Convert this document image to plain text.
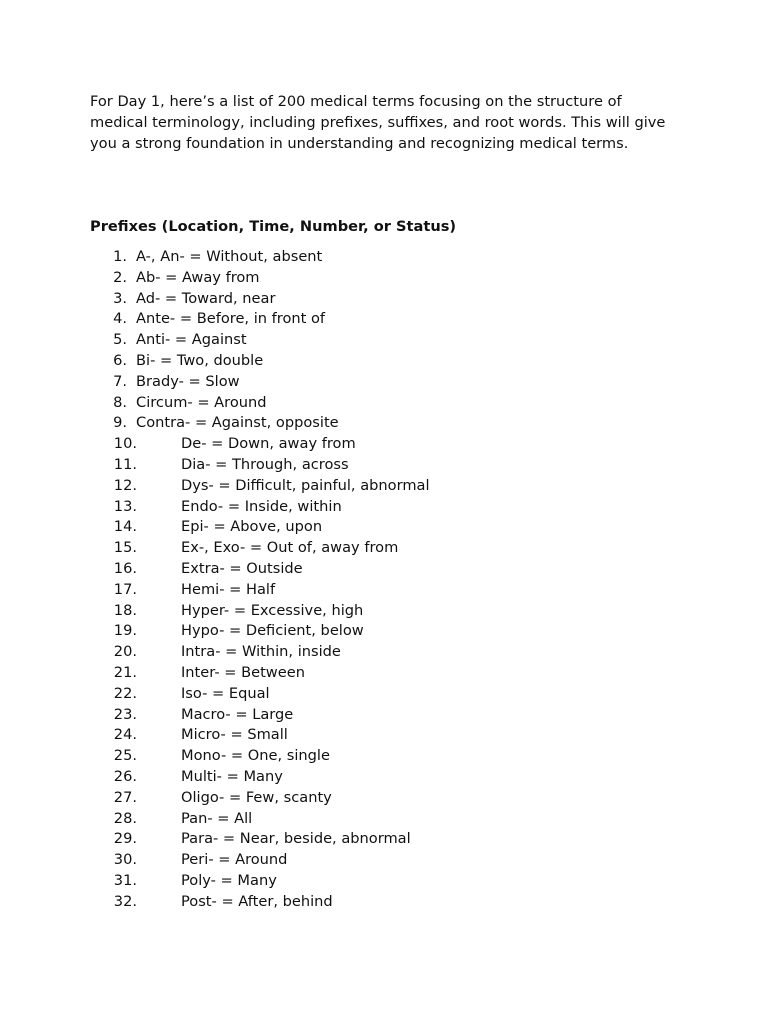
For Day 1, here’s a list of 200 medical terms focusing on the structure of medical terminology, including prefixes, suffixes, and root words. This will give you a strong foundation in understanding and recognizing medical terms.

Prefixes (Location, Time, Number, or Status)
1. A-, An- = Without, absent
2. Ab- = Away from
3. Ad- = Toward, near
4. Ante- = Before, in front of
5. Anti- = Against
6. Bi- = Two, double
7. Brady- = Slow
8. Circum- = Around
9. Contra- = Against, opposite
10.	De- = Down, away from
11.	Dia- = Through, across
12.	Dys- = Difficult, painful, abnormal
13.	Endo- = Inside, within
14.	Epi- = Above, upon
15.	Ex-, Exo- = Out of, away from
16.	Extra- = Outside
17.	Hemi- = Half
18.	Hyper- = Excessive, high
19.	Hypo- = Deficient, below
20.	Intra- = Within, inside
21.	Inter- = Between
22.	Iso- = Equal
23.	Macro- = Large
24.	Micro- = Small
25.	Mono- = One, single
26.	Multi- = Many
27.	Oligo- = Few, scanty
28.	Pan- = All
29.	Para- = Near, beside, abnormal
30.	Peri- = Around
31.	Poly- = Many
32.	Post- = After, behind
